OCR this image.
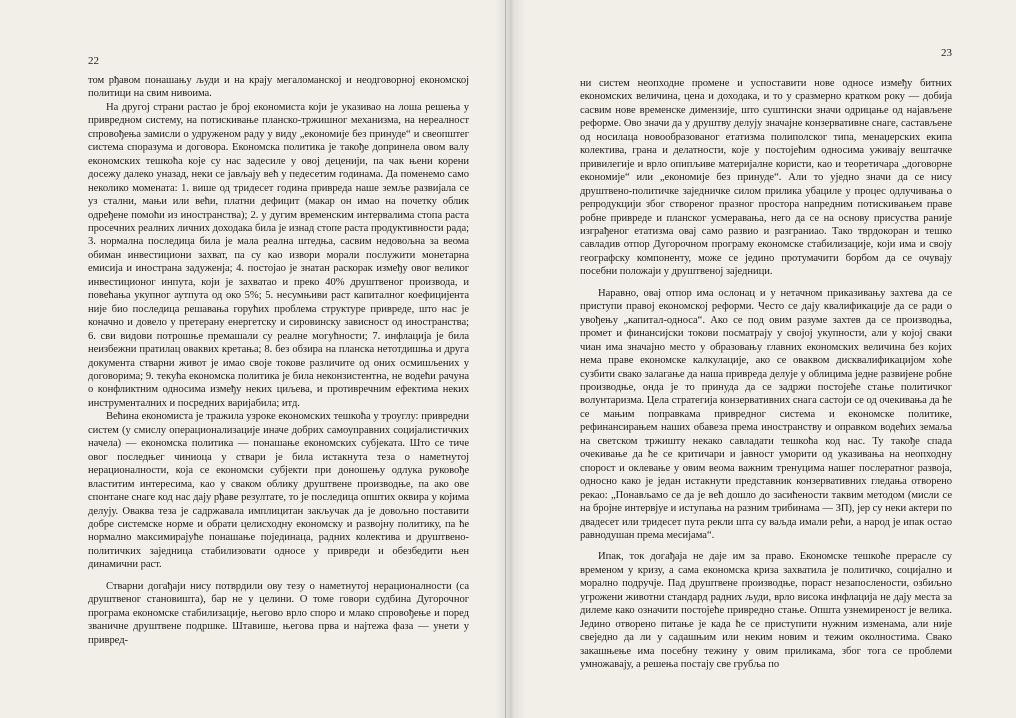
22

том рђавом понашању људи и на крају мегаломанској и неодговорној економској политици на свим нивоима.

На другој страни растао је број економиста који је указивао на лоша решења у привредном систему, на потискивање планско-тржишног механизма, на нереалност спровођења замисли о удруженом раду у виду „економије без принуде“ и свеопштег система споразума и договора. Економска политика је такође допринела овом валу економских тешкоћа које су нас задесиле у овој деценији, па чак њени корени досежу далеко уназад, неки се јављају већ у педесетим годинама. Да поменемо само неколико момената: 1. више од тридесет година привреда наше земље развијала се уз стални, мањи или већи, платни дефицит (макар он имао на почетку облик одређене помоћи из иностранства); 2. у дугим временским интервалима стопа раста просечних реалних личних доходака била је изнад стопе раста продуктивности рада; 3. нормална последица била је мала реална штедња, сасвим недовољна за веома обиман инвестициони захват, па су као извори морали послужити монетарна емисија и инострана задуженја; 4. постојао је знатан раскорак између овог великог инвестиционог инпута, који је захватао и преко 40% друштвеног производа, и повећања укупног аутпута од око 5%; 5. несумњиви раст капиталног коефицијента није био последица решавања горућих проблема структуре привреде, што нас је коначно и довело у претерану енергетску и сировинску зависност од иностранства; 6. сви видови потрошње премашали су реалне могућности; 7. инфлација је била неизбежни пратилац оваквих кретања; 8. без обзира на планска нетотдишња и друга документа стварни живот је имао своје токове различите од оних осмишљених у договорима; 9. текућа економска политика је била неконзистентна, не водећи рачуна о конфликтним односима између неких циљева, и противречним ефектима неких инструменталних и посредних варијабила; итд.

Већина економиста је тражила узроке економских тешкоћа у троуглу: привредни систем (у смислу операционализације иначе добрих самоуправних социјалистичких начела) — економска политика — понашање економских субјеката. Што се тиче овог последњег чиниоца у ствари је била истакнута теза о наметнутој нерационалности, која се економски субјекти при доношењу одлука руковође властитим интересима, као у сваком облику друштвене производње, па ако овe спонтане снаге код нас дају рђаве резултате, то је последица општих оквира у којима делују. Оваква теза је садржавала имплицитан закључак да је довољно поставити добре системске норме и обрати целисходну економску и развојну политику, па ће нормално максимирајуће понашање појединаца, радних колектива и друштвено-политичких заједница стабилизовати односе у привреди и обезбедити њен динамични раст.

Стварни догађаји нису потврдили ову тезу о наметнутој нерационалности (са друштвеног становишта), бар не у целини. О томе говори судбина Дугорочног програма економске стабилизације, његово врло споро и млако спровођење и поред званичне друштвене подршке. Штавише, његова прва и најтежа фаза — унети у привред-

23

ни систем неопходне промене и успоставити нове односе између битних економских величина, цена и доходака, и то у сразмерно кратком року — добија сасвим нове временске димензије, што суштински значи одрицање од најављене реформе. Ово значи да у друштву делују значајне конзервативне снаге, састављене од носилаца новообразованог етатизма полиполског типа, менаџерских екипа колектива, грана и делатности, које у постојећим односима уживају вештачке привилегије и врло опипљиве материјалне користи, као и теоретичара „договорне економије“ или „економије без принуде“. Али то уједно значи да се нису друштвено-политичке заједничке силом прилика убациле у процес одлучивања о репродукцији због створеног празног простора напредним потискивањем праве робне привреде и планског усмеравања, него да се на основу присуства раније изграђеног етатизма овај само развио и разграниао. Тако тврдокоран и тешко савладив отпор Дугорочном програму економске стабилизације, који има и своју географску компоненту, може се једино протумачити борбом да се очувају посебни положаји у друштвеној заједници.

Наравно, овај отпор има ослонац и у нетачном приказивању захтева да се приступи правој економској реформи. Често се дају квалификације да се ради о увођењу „капитал-односа“. Ако се под овим разуме захтев да се производња, промет и финансијски токови посматрају у својој укупности, али у којој сваки чиан има значајно место у образовању главних економских величина без којих нема праве економске калкулације, ако се оваквом дисквалификацијом хоће сузбити свако залагање да наша привреда делује у облицима једне развијене робне производње, онда је то принуда да се задржи постојеће стање политичког волунтаризма. Цела стратегија конзервативних снага састоји се од очекивања да ће се мањим поправкама привредног система и економске политике, рефинансирањем наших обавеза према иностранству и оправком водећих земаља на светском тржишту некако савладати тешкоћа код нас. Ту такође спада очекивање да ће се критичари и јавност уморити од указивања на неопходну спорост и оклевање у овим веома важним тренуцима нашег послератног развоја, односно како је један истакнути представник конзервативних гледања отворено рекао: „Понављамо се да је већ дошло до засићености таквим методом (мисли се на бројне интервјуе и иступања на разним трибинама — ЗП), јер су неки актери по двадесет или тридесет пута рекли шта су ваљда имали рећи, а народ је ипак остао равнодушан према месијама“.

Ипак, ток догађаја не даје им за право. Економске тешкоће прерасле су временом у кризу, а сама економска криза захватила је политичко, социјално и морално подручје. Пад друштвене производње, пораст незапослености, озбиљно угрожени животни стандард радних људи, врло висока инфлација не дају места за дилеме како означити постојеће привредно стање. Општа узнемиреност је велика. Једино отворено питање је када ће се приступити нужним изменама, али није свеједно да ли у садашњим или неким новим и тежим околностима. Свако закашњење има посебну тежину у овим приликама, због тога се проблеми умножавају, а решења постају све грубља по
